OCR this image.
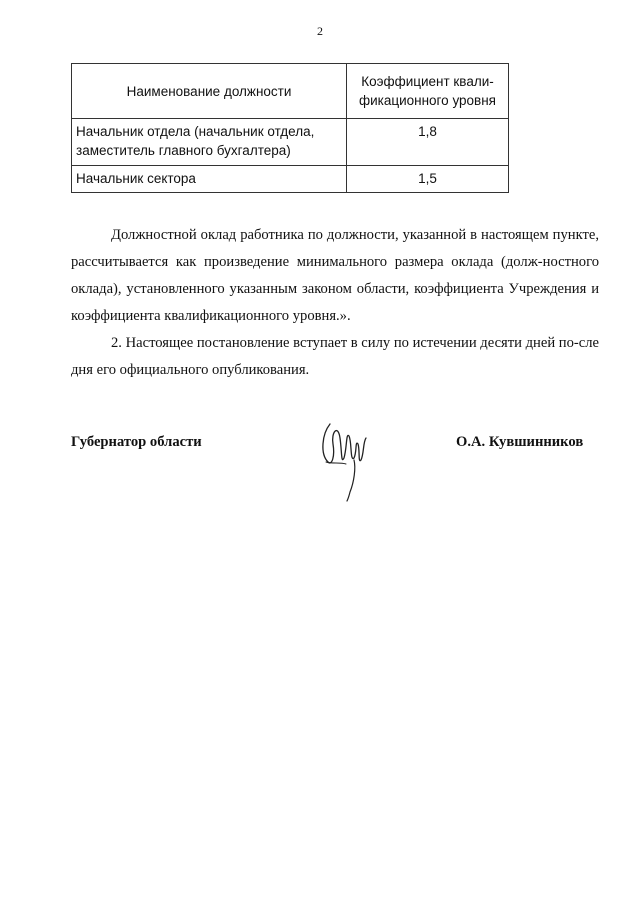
2
Наименование должности	Коэффициент квали-фикационного уровня
Начальник отдела (начальник отдела, заместитель главного бухгалтера)	1,8
Начальник сектора	1,5

Должностной оклад работника по должности, указанной в настоящем пункте, рассчитывается как произведение минимального размера оклада (долж-ностного оклада), установленного указанным законом области, коэффициента Учреждения и коэффициента квалификационного уровня.».

2. Настоящее постановление вступает в силу по истечении десяти дней по-сле дня его официального опубликования.

Губернатор области	О.А. Кувшинников
